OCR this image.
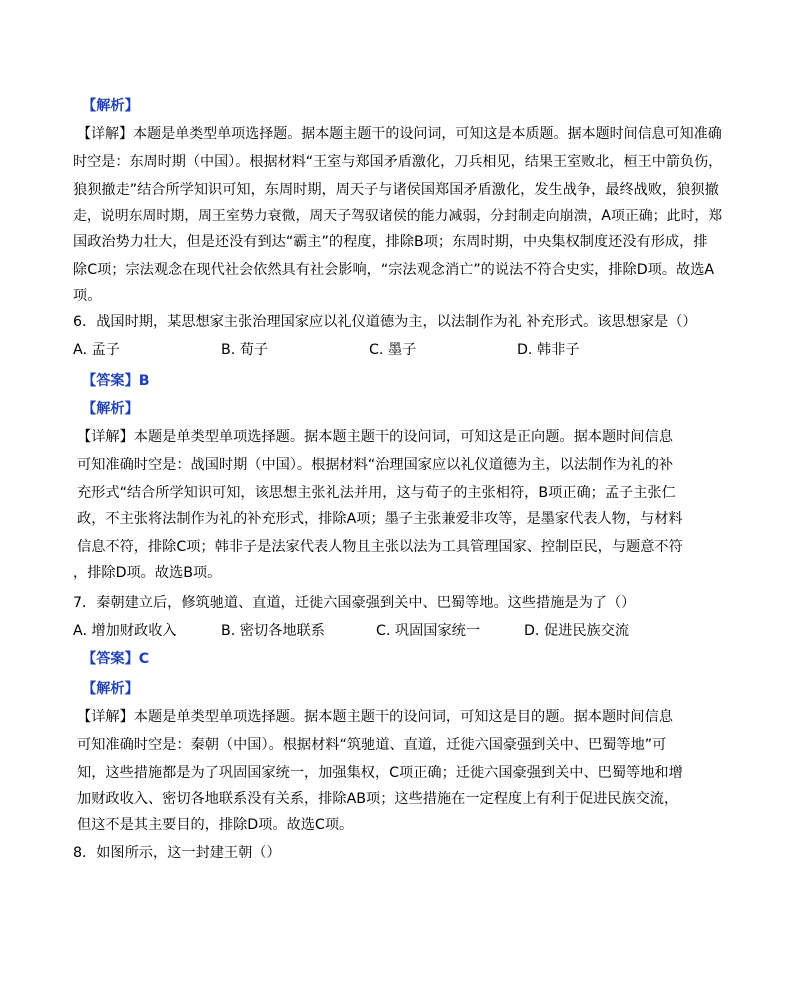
【解析】
【详解】本题是单类型单项选择题。据本题主题干的设问词，可知这是本质题。据本题时间信息可知准确
时空是：东周时期（中国）。根据材料“王室与郑国矛盾激化，刀兵相见，结果王室败北，桓王中箭负伤，
狼狈撤走”结合所学知识可知，东周时期，周天子与诸侯国郑国矛盾激化，发生战争，最终战败，狼狈撤
走，说明东周时期，周王室势力衰微，周天子驾驭诸侯的能力减弱，分封制走向崩溃，A项正确；此时，郑
国政治势力壮大，但是还没有到达“霸主”的程度，排除B项；东周时期，中央集权制度还没有形成，排
除C项；宗法观念在现代社会依然具有社会影响，“宗法观念消亡”的说法不符合史实，排除D项。故选A
项。
6．战国时期，某思想家主张治理国家应以礼仪道德为主，以法制作为礼 补充形式。该思想家是（）
A. 孟子	B. 荀子	C. 墨子	D. 韩非子
【答案】B
【解析】
【详解】本题是单类型单项选择题。据本题主题干的设问词，可知这是正向题。据本题时间信息
可知准确时空是：战国时期（中国）。根据材料“治理国家应以礼仪道德为主，以法制作为礼的补
充形式“结合所学知识可知，该思想主张礼法并用，这与荀子的主张相符，B项正确；孟子主张仁
政，不主张将法制作为礼的补充形式，排除A项；墨子主张兼爱非攻等，是墨家代表人物，与材料
信息不符，排除C项；韩非子是法家代表人物且主张以法为工具管理国家、控制臣民，与题意不符
，排除D项。故选B项。
7．秦朝建立后，修筑驰道、直道，迁徙六国豪强到关中、巴蜀等地。这些措施是为了（）
A. 增加财政收入	B. 密切各地联系	C. 巩固国家统一	D. 促进民族交流
【答案】C
【解析】
【详解】本题是单类型单项选择题。据本题主题干的设问词，可知这是目的题。据本题时间信息
可知准确时空是：秦朝（中国）。根据材料“筑驰道、直道，迁徙六国豪强到关中、巴蜀等地”可
知，这些措施都是为了巩固国家统一，加强集权，C项正确；迁徙六国豪强到关中、巴蜀等地和增
加财政收入、密切各地联系没有关系，排除AB项；这些措施在一定程度上有利于促进民族交流，
但这不是其主要目的，排除D项。故选C项。
8．如图所示，这一封建王朝（）
